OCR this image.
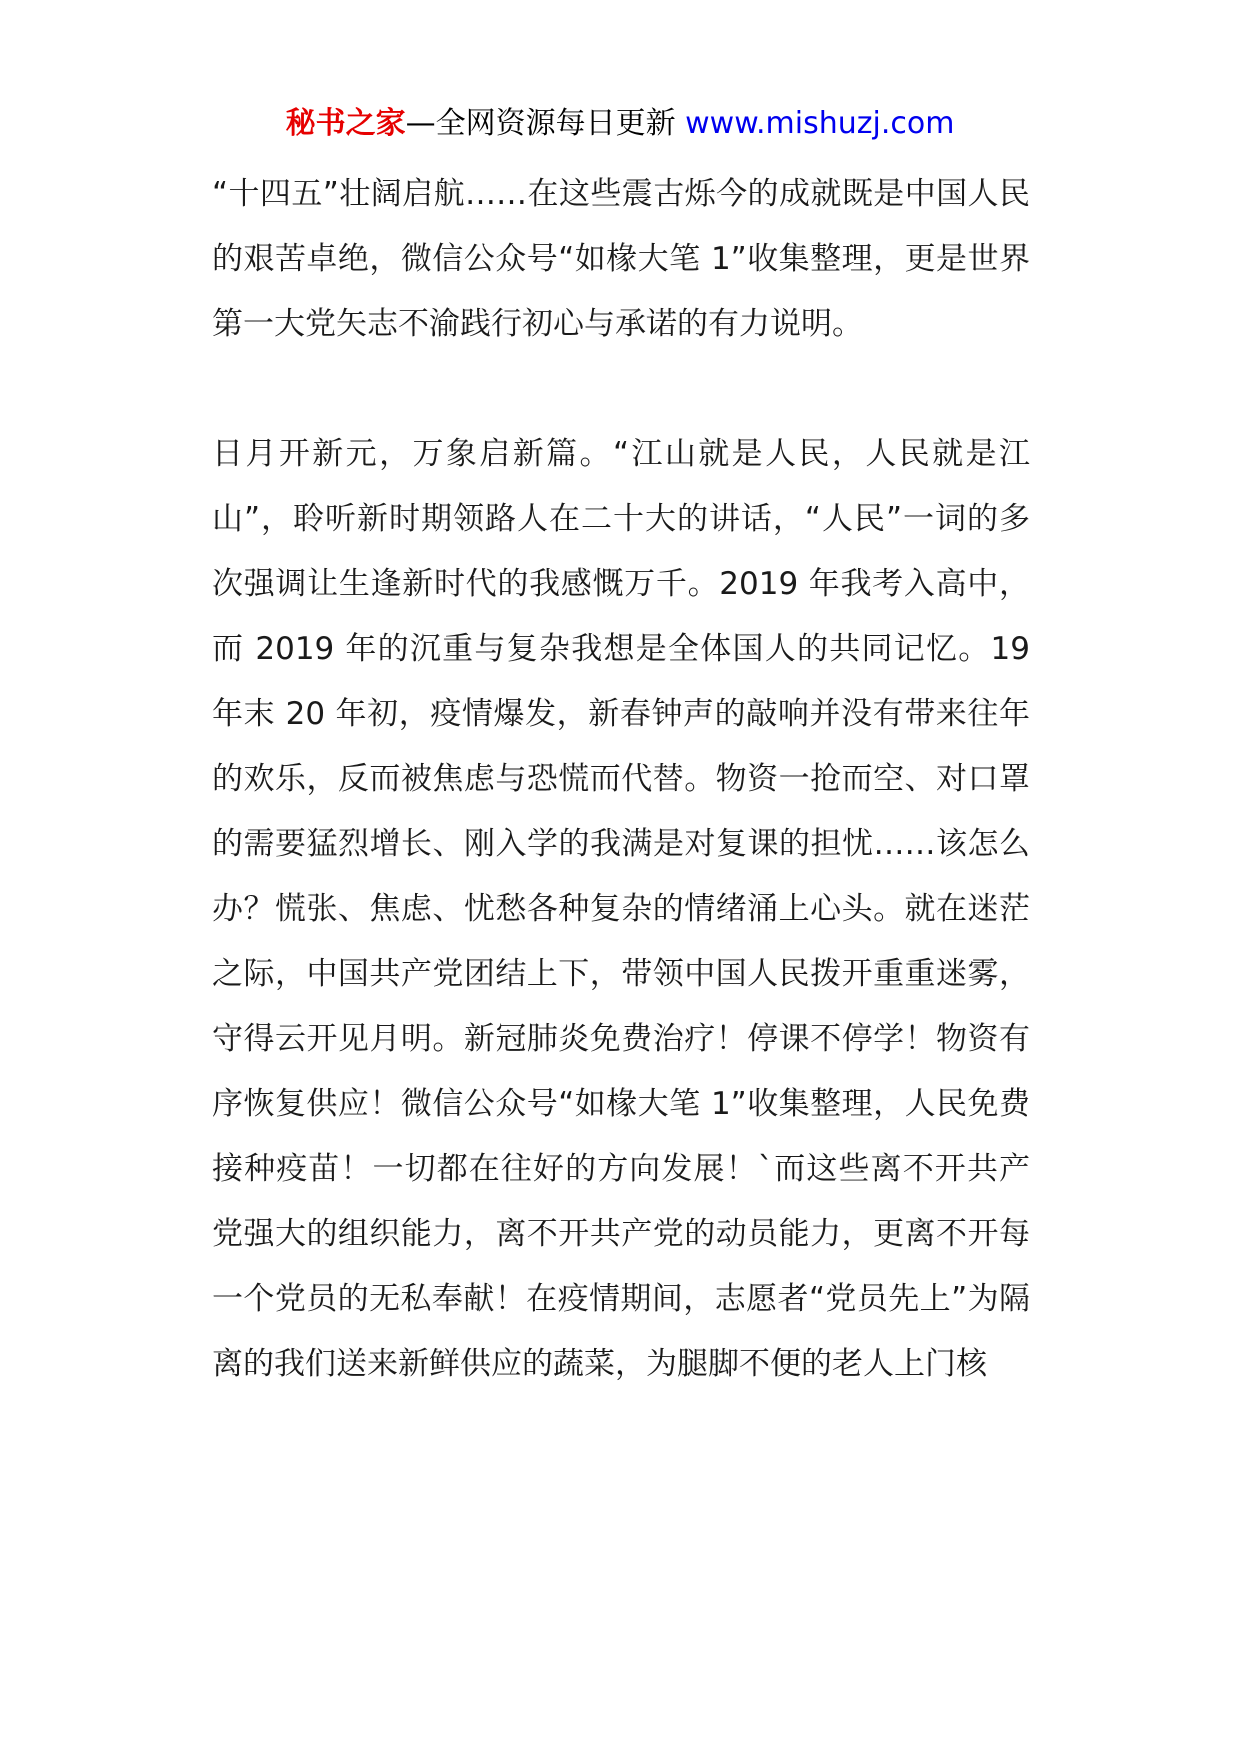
秘书之家—全网资源每日更新 www.mishuzj.com

“十四五”壮阔启航……在这些震古烁今的成就既是中国人民的艰苦卓绝，微信公众号“如椽大笔 1”收集整理，更是世界第一大党矢志不渝践行初心与承诺的有力说明。

日月开新元，万象启新篇。“江山就是人民，人民就是江山”，聆听新时期领路人在二十大的讲话，“人民”一词的多次强调让生逢新时代的我感慨万千。2019 年我考入高中，而 2019 年的沉重与复杂我想是全体国人的共同记忆。19 年末 20 年初，疫情爆发，新春钟声的敲响并没有带来往年的欢乐，反而被焦虑与恐慌而代替。物资一抢而空、对口罩的需要猛烈增长、刚入学的我满是对复课的担忧……该怎么办？慌张、焦虑、忧愁各种复杂的情绪涌上心头。就在迷茫之际，中国共产党团结上下，带领中国人民拨开重重迷雾，守得云开见月明。新冠肺炎免费治疗！停课不停学！物资有序恢复供应！微信公众号“如椽大笔 1”收集整理，人民免费接种疫苗！一切都在往好的方向发展！`而这些离不开共产党强大的组织能力，离不开共产党的动员能力，更离不开每一个党员的无私奉献！在疫情期间，志愿者“党员先上”为隔离的我们送来新鲜供应的蔬菜，为腿脚不便的老人上门核
